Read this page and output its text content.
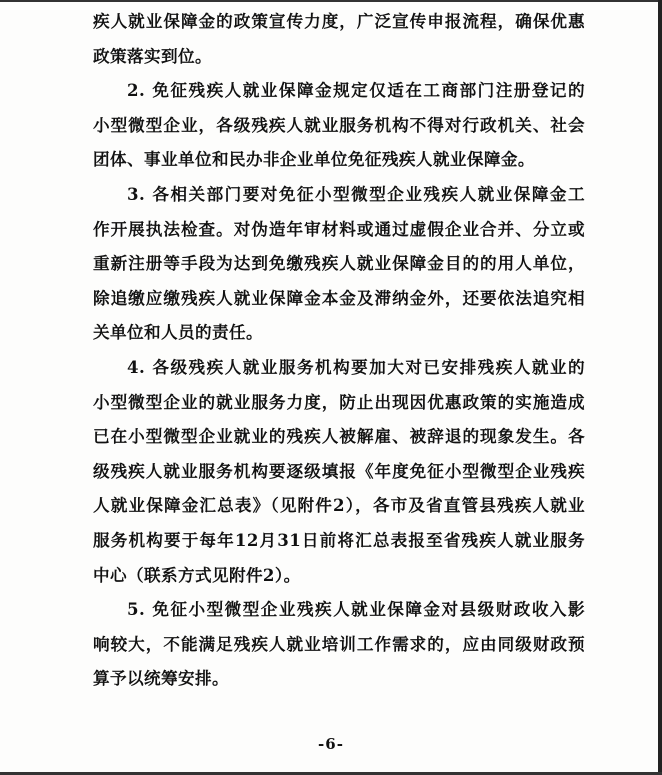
疾人就业保障金的政策宣传力度，广泛宣传申报流程，确保优惠
政策落实到位。
2. 免征残疾人就业保障金规定仅适在工商部门注册登记的
小型微型企业，各级残疾人就业服务机构不得对行政机关、社会
团体、事业单位和民办非企业单位免征残疾人就业保障金。
3. 各相关部门要对免征小型微型企业残疾人就业保障金工
作开展执法检查。对伪造年审材料或通过虚假企业合并、分立或
重新注册等手段为达到免缴残疾人就业保障金目的的用人单位，
除追缴应缴残疾人就业保障金本金及滞纳金外，还要依法追究相
关单位和人员的责任。
4. 各级残疾人就业服务机构要加大对已安排残疾人就业的
小型微型企业的就业服务力度，防止出现因优惠政策的实施造成
已在小型微型企业就业的残疾人被解雇、被辞退的现象发生。各
级残疾人就业服务机构要逐级填报《年度免征小型微型企业残疾
人就业保障金汇总表》（见附件2），各市及省直管县残疾人就业
服务机构要于每年12月31日前将汇总表报至省残疾人就业服务
中心（联系方式见附件2）。
5. 免征小型微型企业残疾人就业保障金对县级财政收入影
响较大，不能满足残疾人就业培训工作需求的，应由同级财政预
算予以统筹安排。
-6-
